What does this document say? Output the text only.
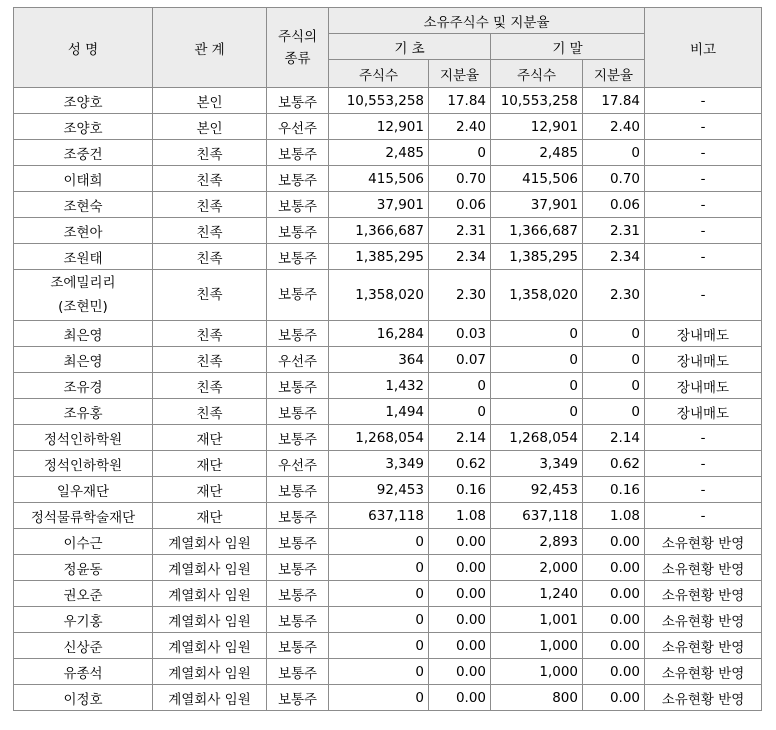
성 명	관 계	주식의
종류	소유주식수 및 지분율				비고
			기 초		기 말		
			주식수	지분율	주식수	지분율	
조양호	본인	보통주	10,553,258	17.84	10,553,258	17.84	-
조양호	본인	우선주	12,901	2.40	12,901	2.40	-
조중건	친족	보통주	2,485	0	2,485	0	-
이태희	친족	보통주	415,506	0.70	415,506	0.70	-
조현숙	친족	보통주	37,901	0.06	37,901	0.06	-
조현아	친족	보통주	1,366,687	2.31	1,366,687	2.31	-
조원태	친족	보통주	1,385,295	2.34	1,385,295	2.34	-

조에밀리리
(조현민)	친족	보통주	1,358,020	2.30	1,358,020	2.30	-
최은영	친족	보통주	16,284	0.03	0	0	장내매도
최은영	친족	우선주	364	0.07	0	0	장내매도
조유경	친족	보통주	1,432	0	0	0	장내매도
조유홍	친족	보통주	1,494	0	0	0	장내매도
정석인하학원	재단	보통주	1,268,054	2.14	1,268,054	2.14	-
정석인하학원	재단	우선주	3,349	0.62	3,349	0.62	-
일우재단	재단	보통주	92,453	0.16	92,453	0.16	-
정석물류학술재단	재단	보통주	637,118	1.08	637,118	1.08	-
이수근	계열회사 임원	보통주	0	0.00	2,893	0.00	소유현황 반영
정윤동	계열회사 임원	보통주	0	0.00	2,000	0.00	소유현황 반영
권오준	계열회사 임원	보통주	0	0.00	1,240	0.00	소유현황 반영
우기홍	계열회사 임원	보통주	0	0.00	1,001	0.00	소유현황 반영
신상준	계열회사 임원	보통주	0	0.00	1,000	0.00	소유현황 반영
유종석	계열회사 임원	보통주	0	0.00	1,000	0.00	소유현황 반영
이정호	계열회사 임원	보통주	0	0.00	800	0.00	소유현황 반영
